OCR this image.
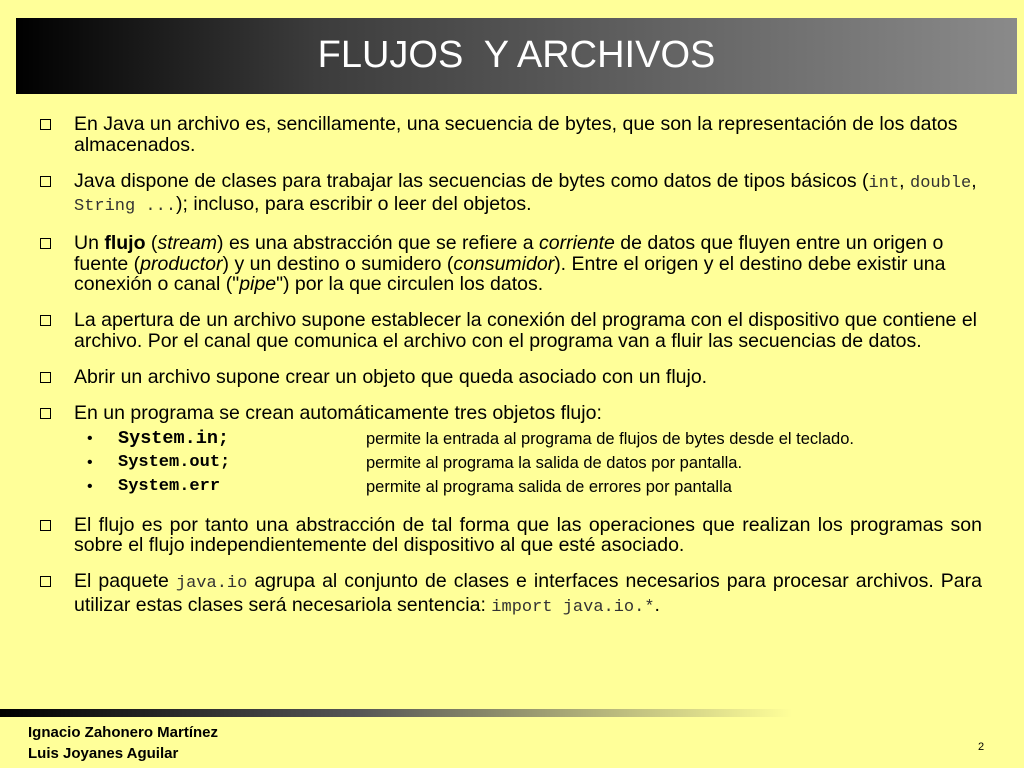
FLUJOS  Y ARCHIVOS
En Java un archivo es, sencillamente, una secuencia de bytes, que son la representación de los datos almacenados.
Java dispone de clases para trabajar las secuencias de bytes como datos de tipos básicos (int, double, String ...); incluso, para escribir o leer del objetos.
Un flujo (stream) es una abstracción que se refiere a corriente de datos que fluyen entre un origen o fuente (productor) y un destino o sumidero (consumidor). Entre el origen y el destino debe existir una conexión o canal ("pipe") por la que circulen los datos.
La apertura de un archivo supone establecer la conexión del programa con el dispositivo que contiene el archivo. Por el canal que comunica el archivo con el programa van a fluir las secuencias de datos.
Abrir un archivo supone crear un objeto que queda asociado con un flujo.
En un programa se crean automáticamente tres objetos flujo:
• System.in;	permite la entrada al programa de flujos de bytes desde el teclado.
• System.out;	permite al programa la salida de datos por pantalla.
• System.err	permite al programa salida de errores por pantalla
El flujo es por tanto una abstracción de tal forma que las operaciones que realizan los programas son sobre el flujo independientemente del dispositivo al que esté asociado.
El paquete java.io agrupa al conjunto de clases e interfaces necesarios para procesar archivos. Para utilizar estas clases será necesariola sentencia: import java.io.*.
Ignacio Zahonero Martínez
Luis Joyanes Aguilar	2
